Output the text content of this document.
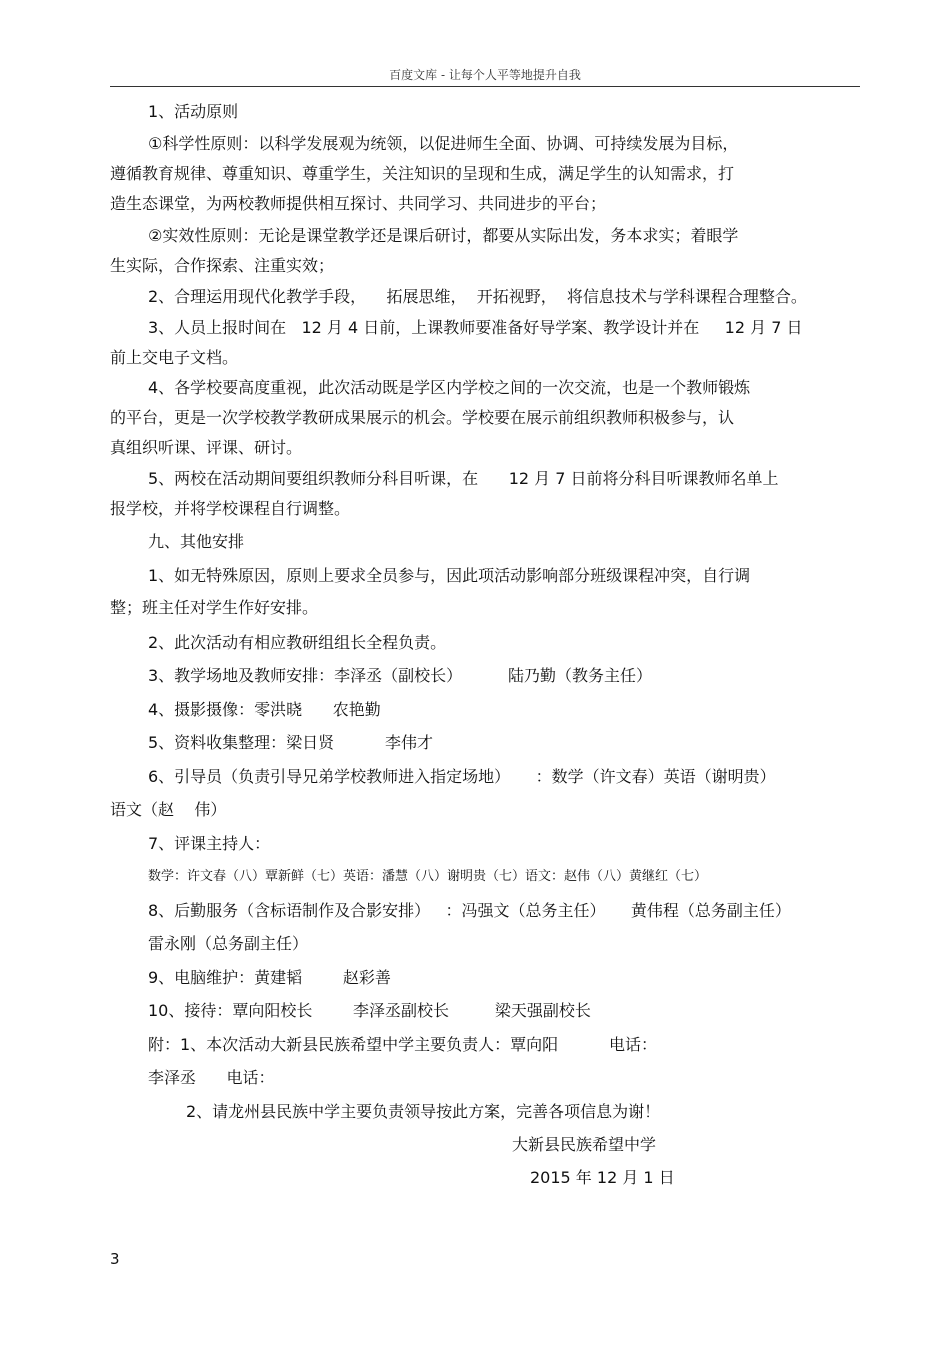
百度文库 - 让每个人平等地提升自我
1、活动原则
①科学性原则：以科学发展观为统领，以促进师生全面、协调、可持续发展为目标，
遵循教育规律、尊重知识、尊重学生，关注知识的呈现和生成，满足学生的认知需求，打
造生态课堂，为两校教师提供相互探讨、共同学习、共同进步的平台；
②实效性原则：无论是课堂教学还是课后研讨，都要从实际出发，务本求实；着眼学
生实际，合作探索、注重实效；
2、合理运用现代化教学手段，    拓展思维，  开拓视野，  将信息技术与学科课程合理整合。
3、人员上报时间在   12 月 4 日前，上课教师要准备好导学案、教学设计并在     12 月 7 日
前上交电子文档。
4、各学校要高度重视，此次活动既是学区内学校之间的一次交流，也是一个教师锻炼
的平台，更是一次学校教学教研成果展示的机会。学校要在展示前组织教师积极参与，认
真组织听课、评课、研讨。
5、两校在活动期间要组织教师分科目听课，在      12 月 7 日前将分科目听课教师名单上
报学校，并将学校课程自行调整。
九、其他安排
1、如无特殊原因，原则上要求全员参与，因此项活动影响部分班级课程冲突，自行调
整；班主任对学生作好安排。
2、此次活动有相应教研组组长全程负责。
3、教学场地及教师安排：李泽丞（副校长）         陆乃勤（教务主任）
4、摄影摄像：零洪晓      农艳勤
5、资料收集整理：梁日贤          李伟才
6、引导员（负责引导兄弟学校教师进入指定场地）     ：数学（许文春）英语（谢明贵）
语文（赵    伟）
7、评课主持人：
数学：许文春（八）覃新鲜（七）英语：潘慧（八）谢明贵（七）语文：赵伟（八）黄继红（七）
8、后勤服务（含标语制作及合影安排）   ：冯强文（总务主任）     黄伟程（总务副主任）
雷永刚（总务副主任）
9、电脑维护：黄建韬        赵彩善
10、接待：覃向阳校长        李泽丞副校长         梁天强副校长
附：1、本次活动大新县民族希望中学主要负责人：覃向阳          电话：
李泽丞      电话：
2、请龙州县民族中学主要负责领导按此方案，完善各项信息为谢！
大新县民族希望中学
2015 年 12 月 1 日
3
